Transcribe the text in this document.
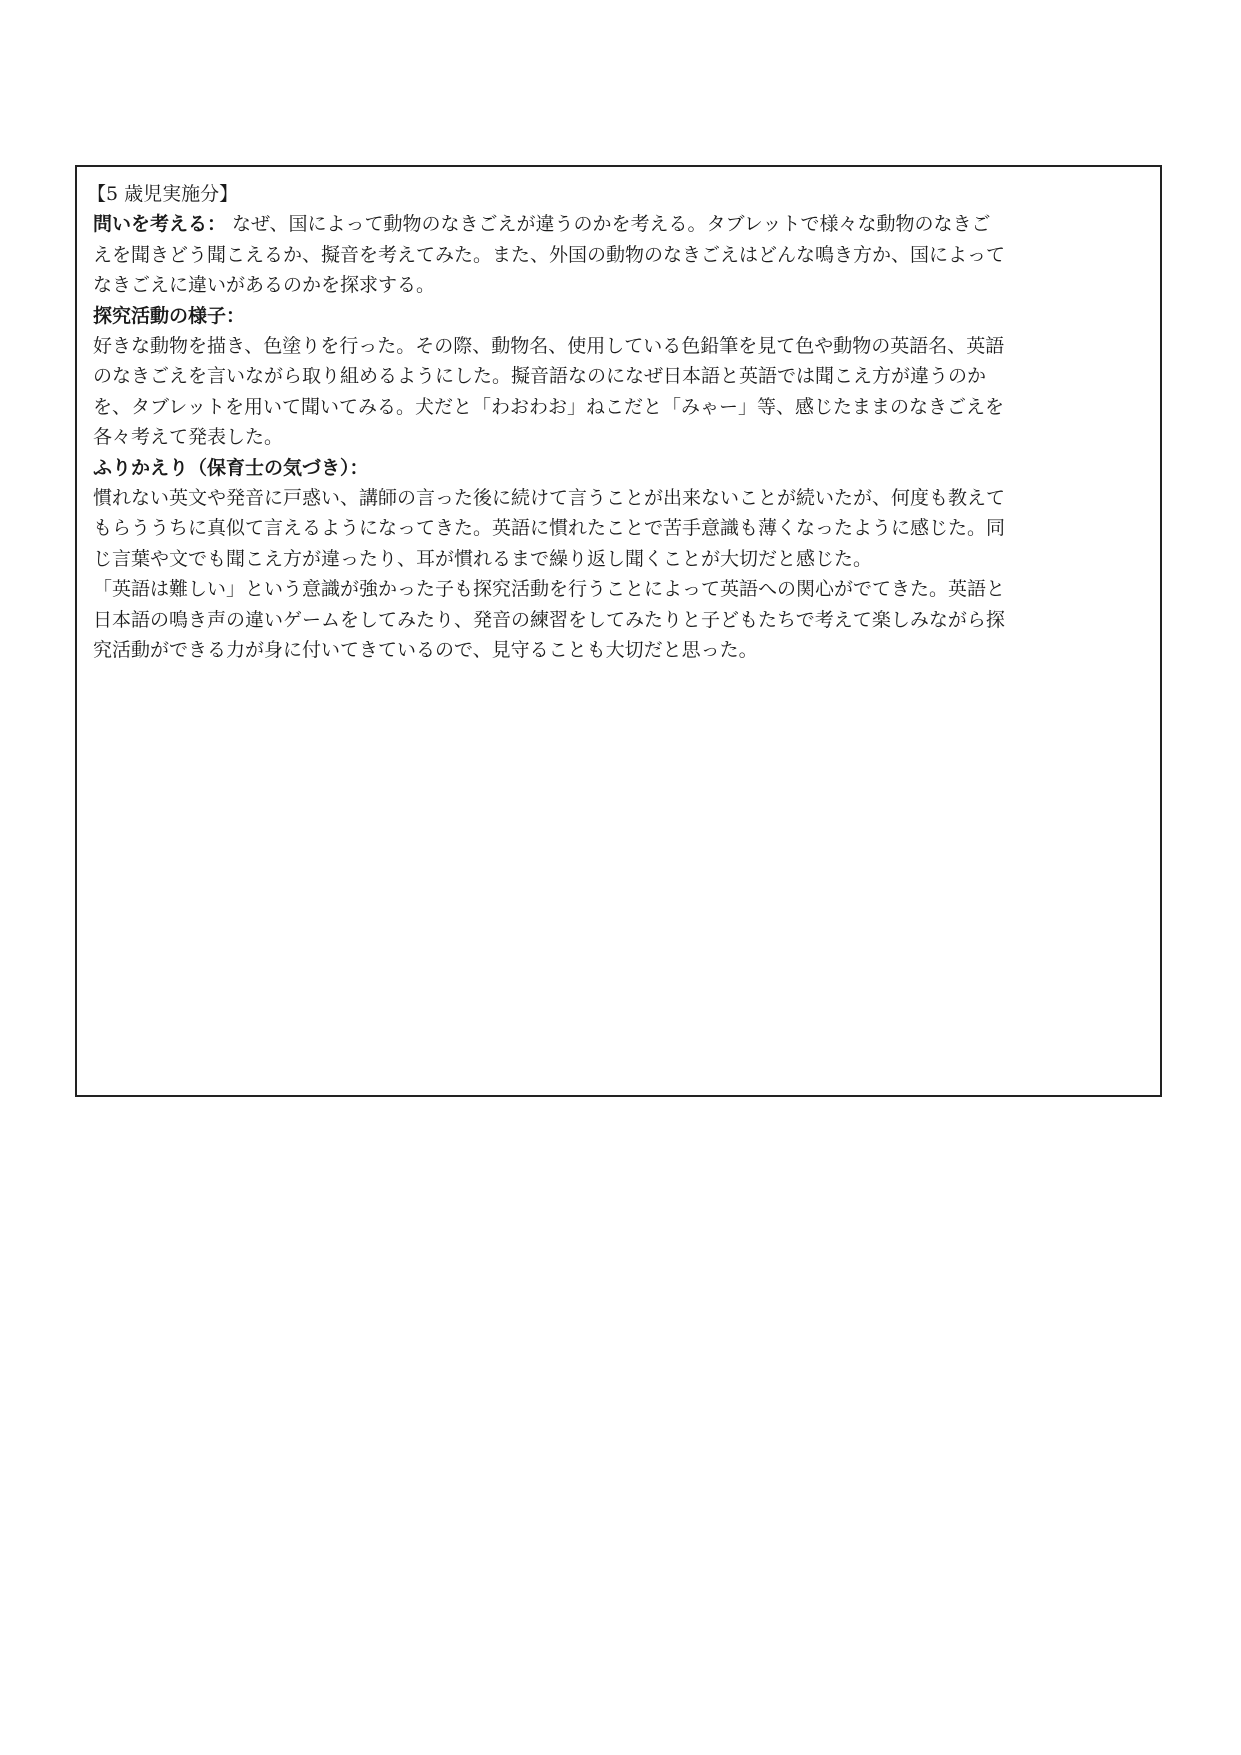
【5 歳児実施分】

問いを考える： なぜ、国によって動物のなきごえが違うのかを考える。タブレットで様々な動物のなきご

えを聞きどう聞こえるか、擬音を考えてみた。また、外国の動物のなきごえはどんな鳴き方か、国によって

なきごえに違いがあるのかを探求する。

探究活動の様子：

好きな動物を描き、色塗りを行った。その際、動物名、使用している色鉛筆を見て色や動物の英語名、英語

のなきごえを言いながら取り組めるようにした。擬音語なのになぜ日本語と英語では聞こえ方が違うのか

を、タブレットを用いて聞いてみる。犬だと「わおわお」ねこだと「みゃー」等、感じたままのなきごえを

各々考えて発表した。

ふりかえり（保育士の気づき）：

慣れない英文や発音に戸惑い、講師の言った後に続けて言うことが出来ないことが続いたが、何度も教えて

もらううちに真似て言えるようになってきた。英語に慣れたことで苦手意識も薄くなったように感じた。同

じ言葉や文でも聞こえ方が違ったり、耳が慣れるまで繰り返し聞くことが大切だと感じた。

「英語は難しい」という意識が強かった子も探究活動を行うことによって英語への関心がでてきた。英語と

日本語の鳴き声の違いゲームをしてみたり、発音の練習をしてみたりと子どもたちで考えて楽しみながら探

究活動ができる力が身に付いてきているので、見守ることも大切だと思った。
